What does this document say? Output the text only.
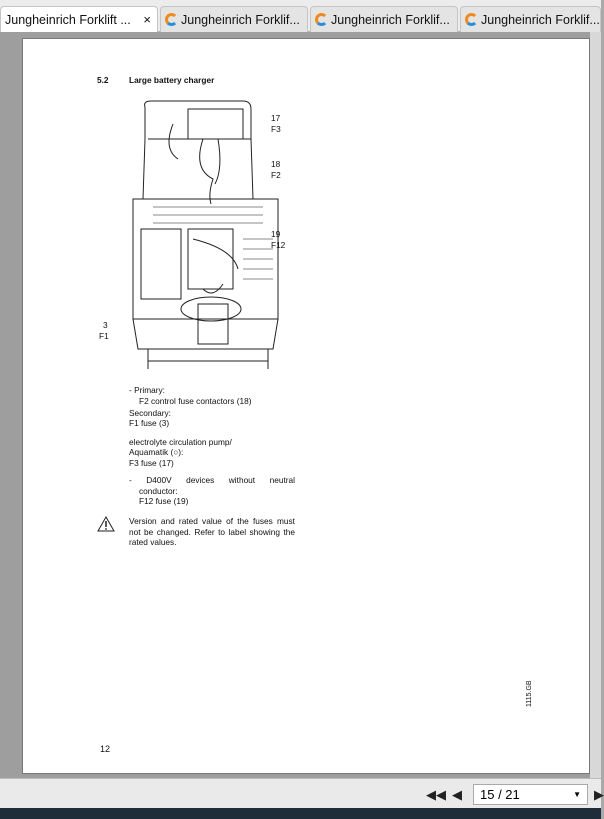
Jungheinrich Forklift ... ×	Jungheinrich Forklif...	Jungheinrich Forklif...	Jungheinrich Forklif...
5.2 Large battery charger
17
F3
18
F2
19
F12
3
F1
- Primary:
F2 control fuse contactors (18)
Secondary:
F1 fuse (3)
electrolyte circulation pump/
Aquamatik (○):
F3 fuse (17)
- D400V devices without neutral
conductor:
F12 fuse (19)
Version and rated value of the fuses must not be changed. Refer to label showing the rated values.
1115.GB
12
◀◀ ◀	15 / 21	▼ ▶
